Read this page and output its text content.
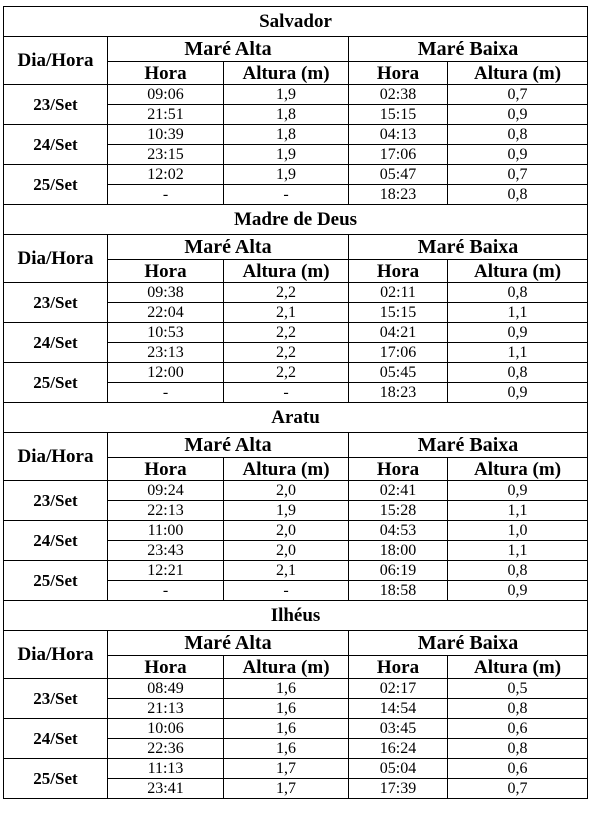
Salvador				
Dia/Hora	Maré Alta		Maré Baixa	
	Hora	Altura (m)	Hora	Altura (m)
23/Set	09:06	1,9	02:38	0,7
	21:51	1,8	15:15	0,9
24/Set	10:39	1,8	04:13	0,8
	23:15	1,9	17:06	0,9
25/Set	12:02	1,9	05:47	0,7
	-	-	18:23	0,8
Madre de Deus				
Dia/Hora	Maré Alta		Maré Baixa	
	Hora	Altura (m)	Hora	Altura (m)
23/Set	09:38	2,2	02:11	0,8
	22:04	2,1	15:15	1,1
24/Set	10:53	2,2	04:21	0,9
	23:13	2,2	17:06	1,1
25/Set	12:00	2,2	05:45	0,8
	-	-	18:23	0,9
Aratu				
Dia/Hora	Maré Alta		Maré Baixa	
	Hora	Altura (m)	Hora	Altura (m)
23/Set	09:24	2,0	02:41	0,9
	22:13	1,9	15:28	1,1
24/Set	11:00	2,0	04:53	1,0
	23:43	2,0	18:00	1,1
25/Set	12:21	2,1	06:19	0,8
	-	-	18:58	0,9
Ilhéus				
Dia/Hora	Maré Alta		Maré Baixa	
	Hora	Altura (m)	Hora	Altura (m)
23/Set	08:49	1,6	02:17	0,5
	21:13	1,6	14:54	0,8
24/Set	10:06	1,6	03:45	0,6
	22:36	1,6	16:24	0,8
25/Set	11:13	1,7	05:04	0,6
	23:41	1,7	17:39	0,7
